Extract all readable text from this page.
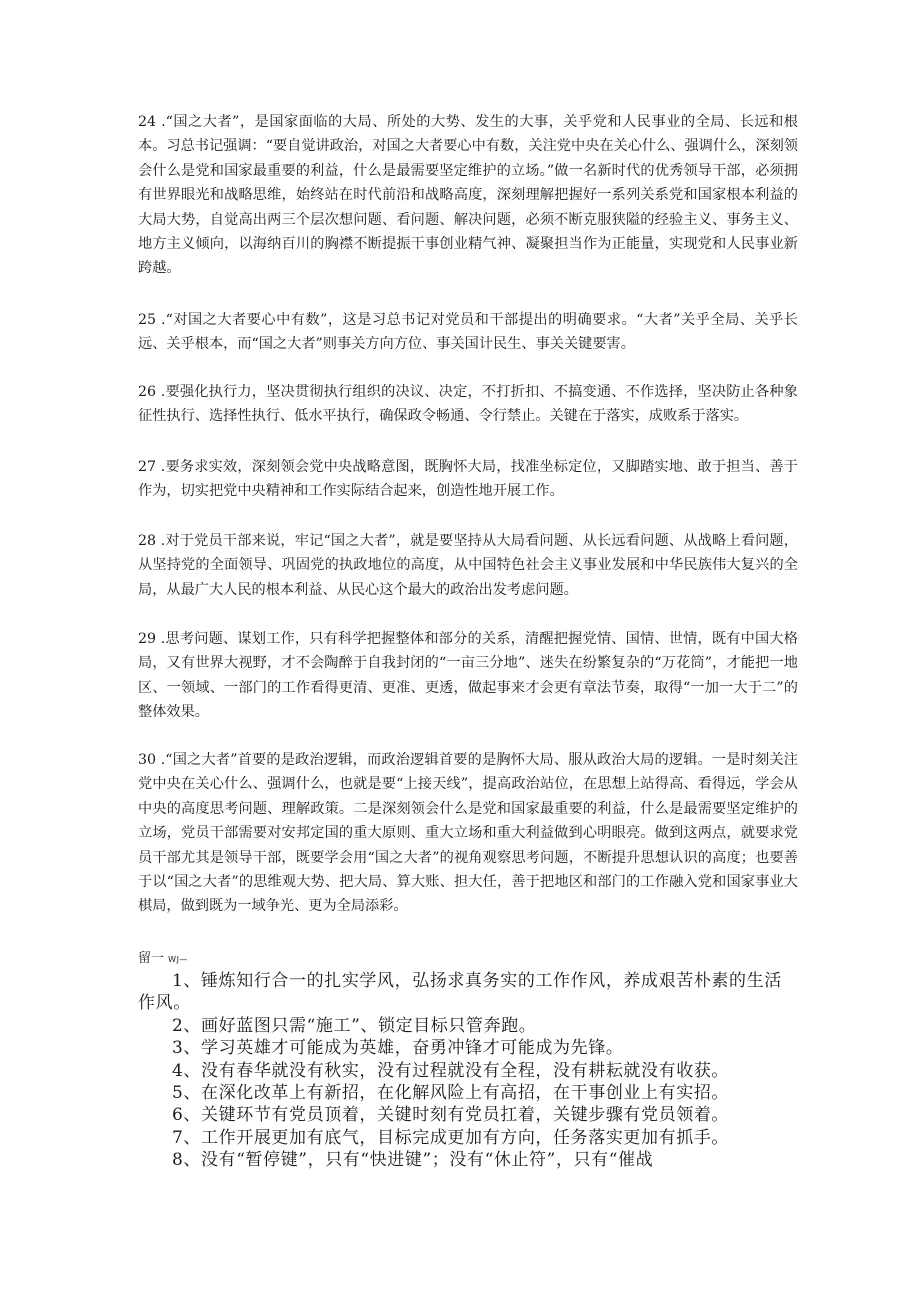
24 .“国之大者”，是国家面临的大局、所处的大势、发生的大事，关乎党和人民事业的全局、长远和根本。习总书记强调：“要自觉讲政治，对国之大者要心中有数，关注党中央在关心什么、强调什么，深刻领会什么是党和国家最重要的利益，什么是最需要坚定维护的立场。”做一名新时代的优秀领导干部，必须拥有世界眼光和战略思维，始终站在时代前沿和战略高度，深刻理解把握好一系列关系党和国家根本利益的大局大势，自觉高出两三个层次想问题、看问题、解决问题，必须不断克服狭隘的经验主义、事务主义、地方主义倾向，以海纳百川的胸襟不断提振干事创业精气神、凝聚担当作为正能量，实现党和人民事业新跨越。

25 .“对国之大者要心中有数”，这是习总书记对党员和干部提出的明确要求。“大者”关乎全局、关乎长远、关乎根本，而“国之大者”则事关方向方位、事关国计民生、事关关键要害。

26 .要强化执行力，坚决贯彻执行组织的决议、决定，不打折扣、不搞变通、不作选择，坚决防止各种象征性执行、选择性执行、低水平执行，确保政令畅通、令行禁止。关键在于落实，成败系于落实。

27 .要务求实效，深刻领会党中央战略意图，既胸怀大局，找准坐标定位，又脚踏实地、敢于担当、善于作为，切实把党中央精神和工作实际结合起来，创造性地开展工作。

28 .对于党员干部来说，牢记“国之大者”，就是要坚持从大局看问题、从长远看问题、从战略上看问题，从坚持党的全面领导、巩固党的执政地位的高度，从中国特色社会主义事业发展和中华民族伟大复兴的全局，从最广大人民的根本利益、从民心这个最大的政治出发考虑问题。

29 .思考问题、谋划工作，只有科学把握整体和部分的关系，清醒把握党情、国情、世情，既有中国大格局，又有世界大视野，才不会陶醉于自我封闭的“一亩三分地”、迷失在纷繁复杂的“万花筒”，才能把一地区、一领域、一部门的工作看得更清、更准、更透，做起事来才会更有章法节奏，取得“一加一大于二”的整体效果。

30 .“国之大者”首要的是政治逻辑，而政治逻辑首要的是胸怀大局、服从政治大局的逻辑。一是时刻关注党中央在关心什么、强调什么，也就是要“上接天线”，提高政治站位，在思想上站得高、看得远，学会从中央的高度思考问题、理解政策。二是深刻领会什么是党和国家最重要的利益，什么是最需要坚定维护的立场，党员干部需要对安邦定国的重大原则、重大立场和重大利益做到心明眼亮。做到这两点，就要求党员干部尤其是领导干部，既要学会用“国之大者”的视角观察思考问题，不断提升思想认识的高度；也要善于以“国之大者”的思维观大势、把大局、算大账、担大任，善于把地区和部门的工作融入党和国家事业大棋局，做到既为一域争光、更为全局添彩。

留一 WJ—

1、锤炼知行合一的扎实学风，弘扬求真务实的工作作风，养成艰苦朴素的生活作风。

2、画好蓝图只需“施工”、锁定目标只管奔跑。

3、学习英雄才可能成为英雄，奋勇冲锋才可能成为先锋。

4、没有春华就没有秋实，没有过程就没有全程，没有耕耘就没有收获。

5、在深化改革上有新招，在化解风险上有高招，在干事创业上有实招。

6、关键环节有党员顶着，关键时刻有党员扛着，关键步骤有党员领着。

7、工作开展更加有底气，目标完成更加有方向，任务落实更加有抓手。

8、没有“暂停键”，只有“快进键”；没有“休止符”，只有“催战
